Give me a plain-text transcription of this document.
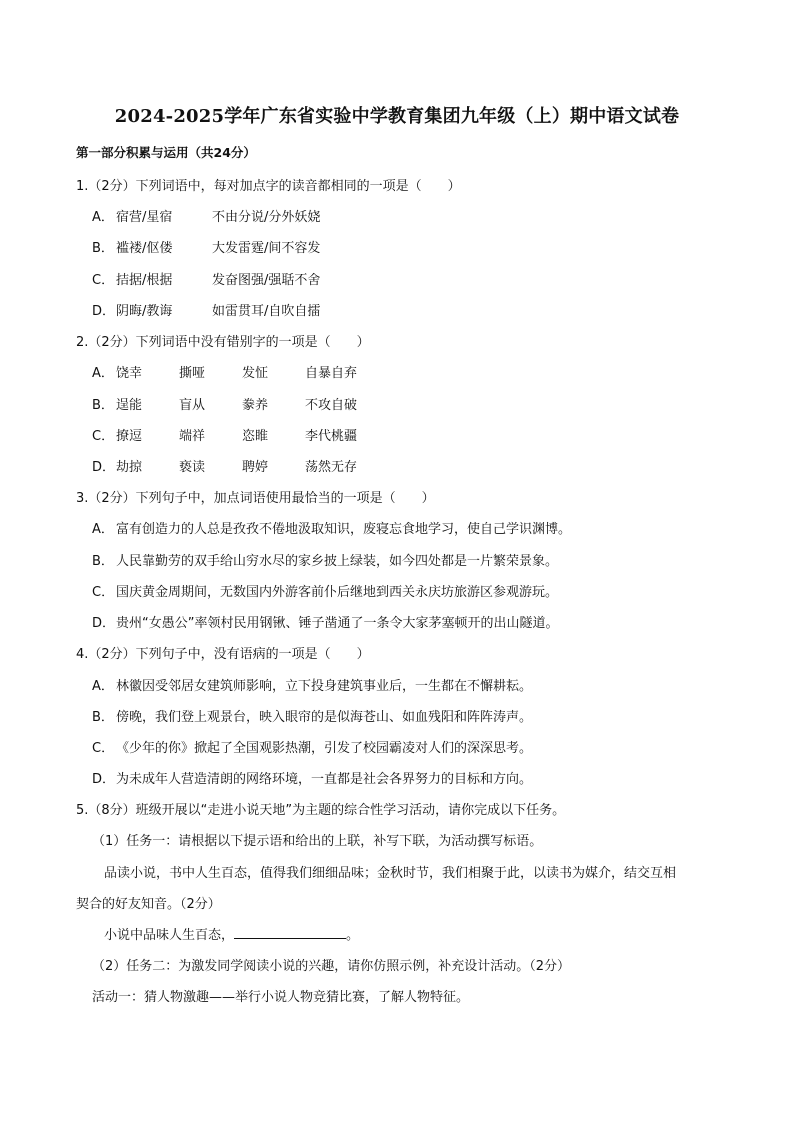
2024-2025学年广东省实验中学教育集团九年级（上）期中语文试卷
第一部分积累与运用（共24分）
1.（2分）下列词语中，每对加点字的读音都相同的一项是（　　）
A． 宿营/星宿	不由分说/分外妖娆
B． 褴褛/伛偻	大发雷霆/间不容发
C． 拮据/根据	发奋图强/强聒不舍
D．阴晦/教诲	如雷贯耳/自吹自擂
2.（2分）下列词语中没有错别字的一项是（　　）
A． 饶幸	撕哑	发怔	自暴自弃
B． 逞能	盲从	豢养	不攻自破
C． 撩逗	端祥	恣睢	李代桃疆
D．劫掠	亵读	聘婷	荡然无存
3.（2分）下列句子中，加点词语使用最恰当的一项是（　　）
A． 富有创造力的人总是孜孜不倦地汲取知识，废寝忘食地学习，使自己学识渊博。
B． 人民靠勤劳的双手给山穷水尽的家乡披上绿装，如今四处都是一片繁荣景象。
C． 国庆黄金周期间，无数国内外游客前仆后继地到西关永庆坊旅游区参观游玩。
D．贵州“女愚公”率领村民用钢锹、锤子凿通了一条令大家茅塞顿开的出山隧道。
4.（2分）下列句子中，没有语病的一项是（　　）
A． 林徽因受邻居女建筑师影响，立下投身建筑事业后，一生都在不懈耕耘。
B． 傍晚，我们登上观景台，映入眼帘的是似海苍山、如血残阳和阵阵涛声。
C． 《少年的你》掀起了全国观影热潮，引发了校园霸凌对人们的深深思考。
D．为未成年人营造清朗的网络环境，一直都是社会各界努力的目标和方向。
5.（8分）班级开展以“走进小说天地”为主题的综合性学习活动，请你完成以下任务。
（1）任务一：请根据以下提示语和给出的上联，补写下联，为活动撰写标语。
品读小说，书中人生百态，值得我们细细品味；金秋时节，我们相聚于此，以读书为媒介，结交互相
契合的好友知音。（2分）
小说中品味人生百态，	。
（2）任务二：为激发同学阅读小说的兴趣，请你仿照示例，补充设计活动。（2分）
活动一：猜人物激趣——举行小说人物竞猜比赛，了解人物特征。
